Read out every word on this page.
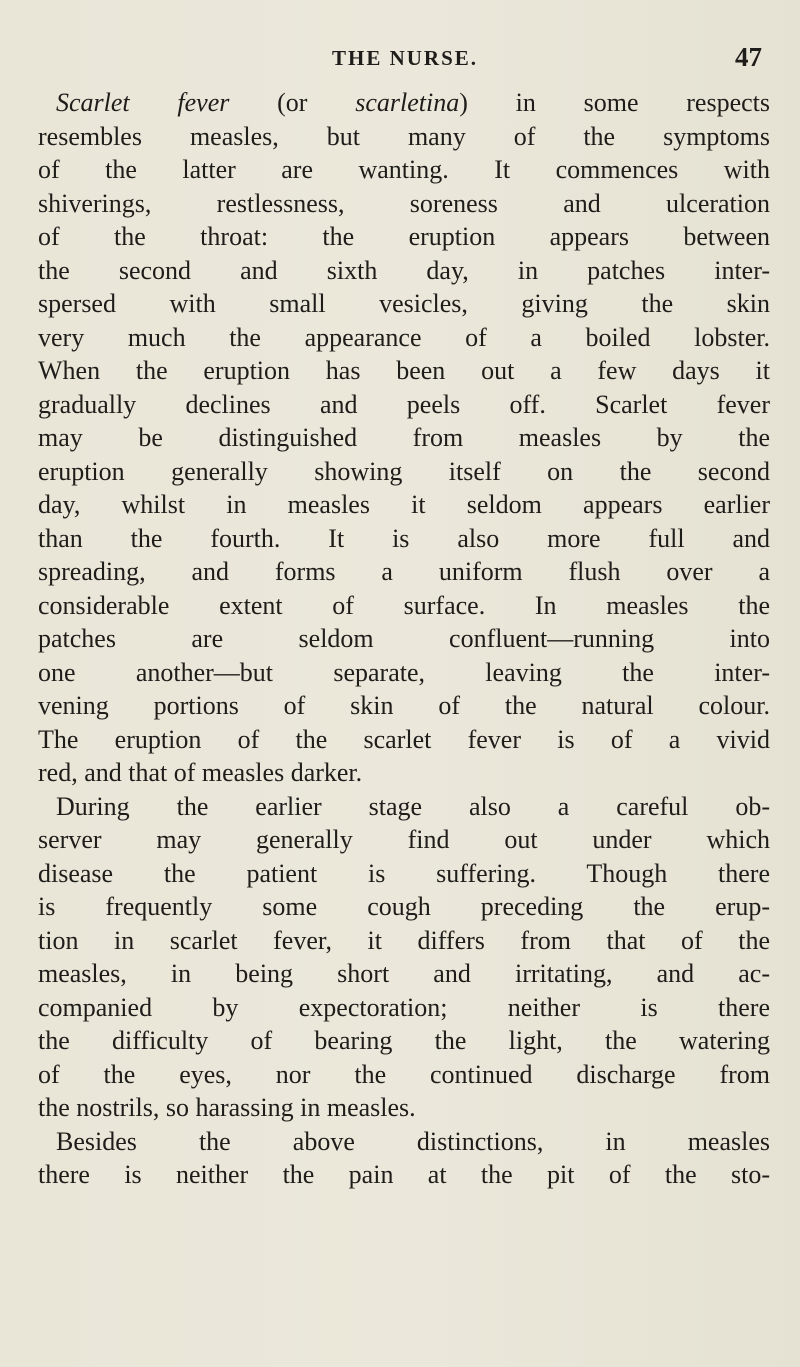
THE NURSE.	47
Scarlet fever (or scarletina) in some respects
resembles measles, but many of the symptoms
of the latter are wanting. It commences with
shiverings, restlessness, soreness and ulceration
of the throat: the eruption appears between
the second and sixth day, in patches inter-
spersed with small vesicles, giving the skin
very much the appearance of a boiled lobster.
When the eruption has been out a few days it
gradually declines and peels off. Scarlet fever
may be distinguished from measles by the
eruption generally showing itself on the second
day, whilst in measles it seldom appears earlier
than the fourth. It is also more full and
spreading, and forms a uniform flush over a
considerable extent of surface. In measles the
patches are seldom confluent—running into
one another—but separate, leaving the inter-
vening portions of skin of the natural colour.
The eruption of the scarlet fever is of a vivid
red, and that of measles darker.
During the earlier stage also a careful ob-
server may generally find out under which
disease the patient is suffering. Though there
is frequently some cough preceding the erup-
tion in scarlet fever, it differs from that of the
measles, in being short and irritating, and ac-
companied by expectoration; neither is there
the difficulty of bearing the light, the watering
of the eyes, nor the continued discharge from
the nostrils, so harassing in measles.
Besides the above distinctions, in measles
there is neither the pain at the pit of the sto-
